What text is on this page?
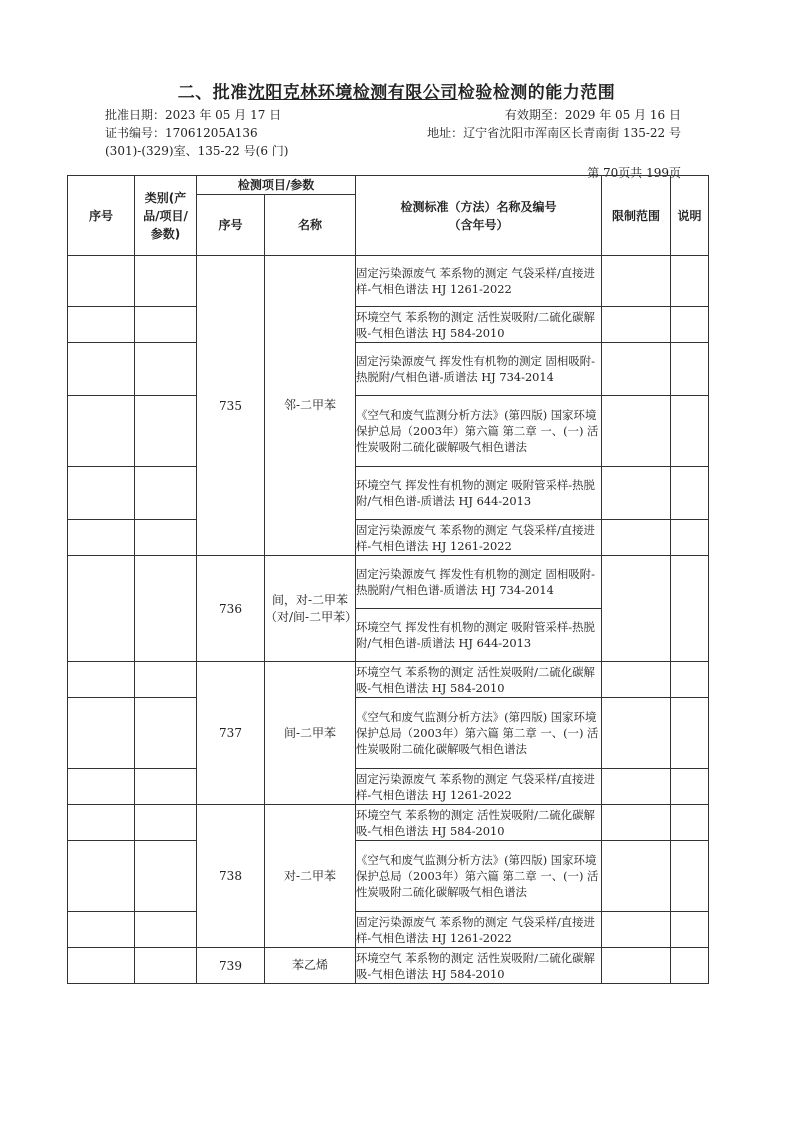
二、批准沈阳克林环境检测有限公司检验检测的能力范围
批准日期：2023 年 05 月 17 日	有效期至：2029 年 05 月 16 日
证书编号：17061205A136	地址：辽宁省沈阳市浑南区长青南街 135-22 号
(301)-(329)室、135-22 号(6 门)
第 70页共 199页
序号	类别(产品/项目/参数)	检测项目/参数		检测标准（方法）名称及编号（含年号）	限制范围	说明
		序号	名称			
		735	邻-二甲苯	固定污染源废气 苯系物的测定 气袋采样/直接进样-气相色谱法 HJ 1261-2022		
				环境空气 苯系物的测定 活性炭吸附/二硫化碳解吸-气相色谱法 HJ 584-2010		
				固定污染源废气 挥发性有机物的测定 固相吸附-热脱附/气相色谱-质谱法 HJ 734-2014		
				《空气和废气监测分析方法》(第四版) 国家环境保护总局（2003年）第六篇 第二章 一、(一) 活性炭吸附二硫化碳解吸气相色谱法		
				环境空气 挥发性有机物的测定 吸附管采样-热脱附/气相色谱-质谱法 HJ 644-2013		
				固定污染源废气 苯系物的测定 气袋采样/直接进样-气相色谱法 HJ 1261-2022		
		736	间，对-二甲苯（对/间-二甲苯）	固定污染源废气 挥发性有机物的测定 固相吸附-热脱附/气相色谱-质谱法 HJ 734-2014		
				环境空气 挥发性有机物的测定 吸附管采样-热脱附/气相色谱-质谱法 HJ 644-2013		
		737	间-二甲苯	环境空气 苯系物的测定 活性炭吸附/二硫化碳解吸-气相色谱法 HJ 584-2010		
				《空气和废气监测分析方法》(第四版) 国家环境保护总局（2003年）第六篇 第二章 一、(一) 活性炭吸附二硫化碳解吸气相色谱法		
				固定污染源废气 苯系物的测定 气袋采样/直接进样-气相色谱法 HJ 1261-2022		
		738	对-二甲苯	环境空气 苯系物的测定 活性炭吸附/二硫化碳解吸-气相色谱法 HJ 584-2010		
				《空气和废气监测分析方法》(第四版) 国家环境保护总局（2003年）第六篇 第二章 一、(一) 活性炭吸附二硫化碳解吸气相色谱法		
				固定污染源废气 苯系物的测定 气袋采样/直接进样-气相色谱法 HJ 1261-2022		
		739	苯乙烯	环境空气 苯系物的测定 活性炭吸附/二硫化碳解吸-气相色谱法 HJ 584-2010		
